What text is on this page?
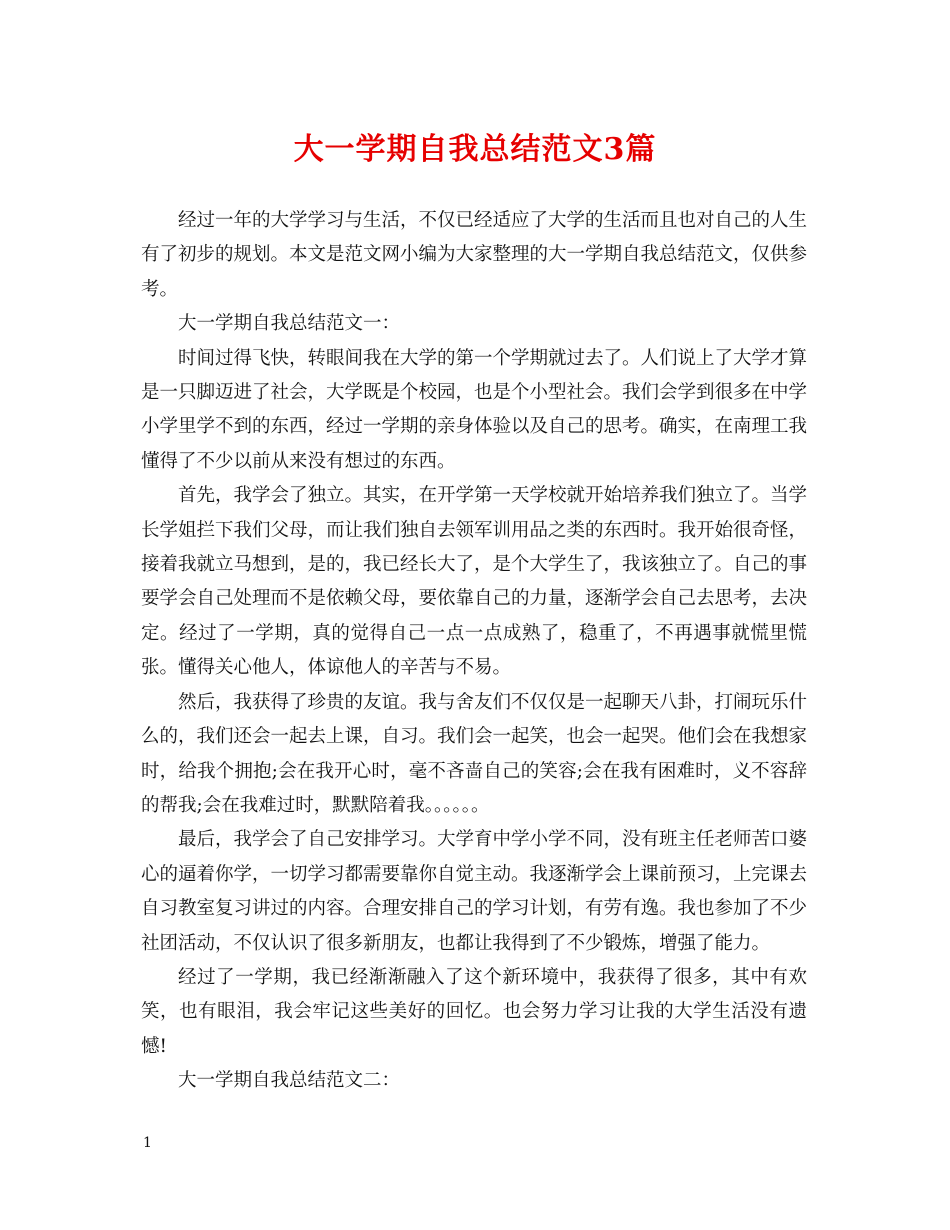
大一学期自我总结范文3篇

经过一年的大学学习与生活，不仅已经适应了大学的生活而且也对自己的人生有了初步的规划。本文是范文网小编为大家整理的大一学期自我总结范文，仅供参考。

大一学期自我总结范文一：

时间过得飞快，转眼间我在大学的第一个学期就过去了。人们说上了大学才算是一只脚迈进了社会，大学既是个校园，也是个小型社会。我们会学到很多在中学小学里学不到的东西，经过一学期的亲身体验以及自己的思考。确实，在南理工我懂得了不少以前从来没有想过的东西。

首先，我学会了独立。其实，在开学第一天学校就开始培养我们独立了。当学长学姐拦下我们父母，而让我们独自去领军训用品之类的东西时。我开始很奇怪，接着我就立马想到，是的，我已经长大了，是个大学生了，我该独立了。自己的事要学会自己处理而不是依赖父母，要依靠自己的力量，逐渐学会自己去思考，去决定。经过了一学期，真的觉得自己一点一点成熟了，稳重了，不再遇事就慌里慌张。懂得关心他人，体谅他人的辛苦与不易。

然后，我获得了珍贵的友谊。我与舍友们不仅仅是一起聊天八卦，打闹玩乐什么的，我们还会一起去上课，自习。我们会一起笑，也会一起哭。他们会在我想家时，给我个拥抱;会在我开心时，毫不吝啬自己的笑容;会在我有困难时，义不容辞的帮我;会在我难过时，默默陪着我。。。。。。

最后，我学会了自己安排学习。大学育中学小学不同，没有班主任老师苦口婆心的逼着你学，一切学习都需要靠你自觉主动。我逐渐学会上课前预习，上完课去自习教室复习讲过的内容。合理安排自己的学习计划，有劳有逸。我也参加了不少社团活动，不仅认识了很多新朋友，也都让我得到了不少锻炼，增强了能力。

经过了一学期，我已经渐渐融入了这个新环境中，我获得了很多，其中有欢笑，也有眼泪，我会牢记这些美好的回忆。也会努力学习让我的大学生活没有遗憾!

大一学期自我总结范文二：

1
